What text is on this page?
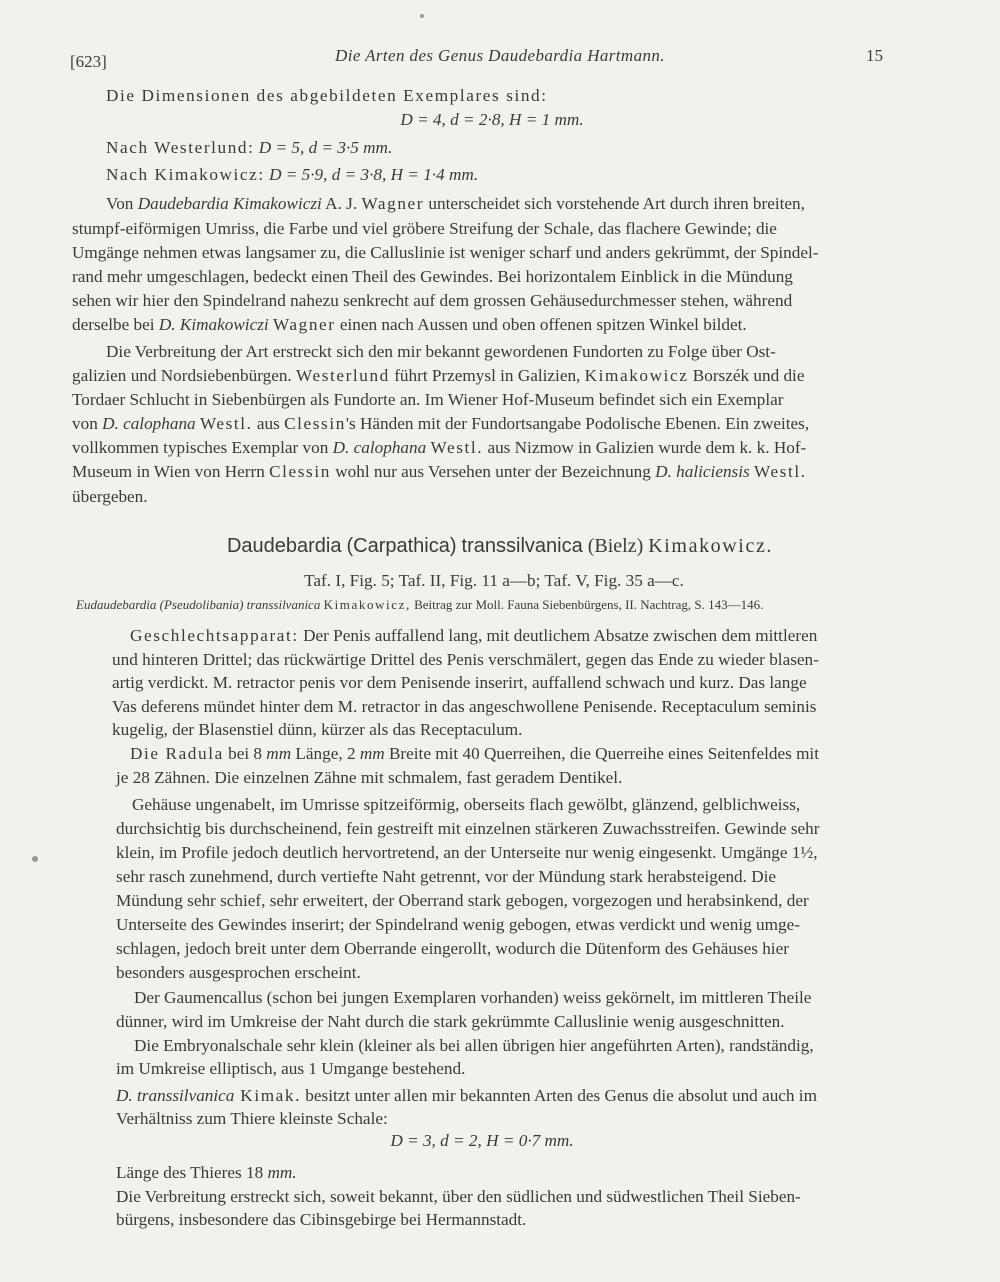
[623]	Die Arten des Genus Daudebardia Hartmann.	15
Die Dimensionen des abgebildeten Exemplares sind:
D = 4, d = 2·8, H = 1 mm.
Nach Westerlund: D = 5, d = 3·5 mm.
Nach Kimakowicz: D = 5·9, d = 3·8, H = 1·4 mm.
Von Daudebardia Kimakowiczi A. J. Wagner unterscheidet sich vorstehende Art durch ihren breiten,
stumpf-eiförmigen Umriss, die Farbe und viel gröbere Streifung der Schale, das flachere Gewinde; die
Umgänge nehmen etwas langsamer zu, die Calluslinie ist weniger scharf und anders gekrümmt, der Spindel-
rand mehr umgeschlagen, bedeckt einen Theil des Gewindes. Bei horizontalem Einblick in die Mündung
sehen wir hier den Spindelrand nahezu senkrecht auf dem grossen Gehäusedurchmesser stehen, während
derselbe bei D. Kimakowiczi Wagner einen nach Aussen und oben offenen spitzen Winkel bildet.
Die Verbreitung der Art erstreckt sich den mir bekannt gewordenen Fundorten zu Folge über Ost-
galizien und Nordsiebenbürgen. Westerlund führt Przemysl in Galizien, Kimakowicz Borszék und die
Tordaer Schlucht in Siebenbürgen als Fundorte an. Im Wiener Hof-Museum befindet sich ein Exemplar
von D. calophana Westl. aus Clessin's Händen mit der Fundortsangabe Podolische Ebenen. Ein zweites,
vollkommen typisches Exemplar von D. calophana Westl. aus Nizmow in Galizien wurde dem k. k. Hof-
Museum in Wien von Herrn Clessin wohl nur aus Versehen unter der Bezeichnung D. haliciensis Westl.
übergeben.
Daudebardia (Carpathica) transsilvanica (Bielz) Kimakowicz.
Taf. I, Fig. 5; Taf. II, Fig. 11 a—b; Taf. V, Fig. 35 a—c.
Eudaudebardia (Pseudolibania) transsilvanica Kimakowicz, Beitrag zur Moll. Fauna Siebenbürgens, II. Nachtrag, S. 143—146.
Geschlechtsapparat: Der Penis auffallend lang, mit deutlichem Absatze zwischen dem mittleren
und hinteren Drittel; das rückwärtige Drittel des Penis verschmälert, gegen das Ende zu wieder blasen-
artig verdickt. M. retractor penis vor dem Penisende inserirt, auffallend schwach und kurz. Das lange
Vas deferens mündet hinter dem M. retractor in das angeschwollene Penisende. Receptaculum seminis
kugelig, der Blasenstiel dünn, kürzer als das Receptaculum.
Die Radula bei 8 mm Länge, 2 mm Breite mit 40 Querreihen, die Querreihe eines Seitenfeldes mit
je 28 Zähnen. Die einzelnen Zähne mit schmalem, fast geradem Dentikel.
Gehäuse ungenabelt, im Umrisse spitzeiförmig, oberseits flach gewölbt, glänzend, gelblichweiss,
durchsichtig bis durchscheinend, fein gestreift mit einzelnen stärkeren Zuwachsstreifen. Gewinde sehr
klein, im Profile jedoch deutlich hervortretend, an der Unterseite nur wenig eingesenkt. Umgänge 1½,
sehr rasch zunehmend, durch vertiefte Naht getrennt, vor der Mündung stark herabsteigend. Die
Mündung sehr schief, sehr erweitert, der Oberrand stark gebogen, vorgezogen und herabsinkend, der
Unterseite des Gewindes inserirt; der Spindelrand wenig gebogen, etwas verdickt und wenig umge-
schlagen, jedoch breit unter dem Oberrande eingerollt, wodurch die Dütenform des Gehäuses hier
besonders ausgesprochen erscheint.
Der Gaumencallus (schon bei jungen Exemplaren vorhanden) weiss gekörnelt, im mittleren Theile
dünner, wird im Umkreise der Naht durch die stark gekrümmte Calluslinie wenig ausgeschnitten.
Die Embryonalschale sehr klein (kleiner als bei allen übrigen hier angeführten Arten), randständig,
im Umkreise elliptisch, aus 1 Umgange bestehend.
D. transsilvanica Kimak. besitzt unter allen mir bekannten Arten des Genus die absolut und auch im
Verhältniss zum Thiere kleinste Schale:
D = 3, d = 2, H = 0·7 mm.
Länge des Thieres 18 mm.
Die Verbreitung erstreckt sich, soweit bekannt, über den südlichen und südwestlichen Theil Sieben-
bürgens, insbesondere das Cibinsgebirge bei Hermannstadt.
